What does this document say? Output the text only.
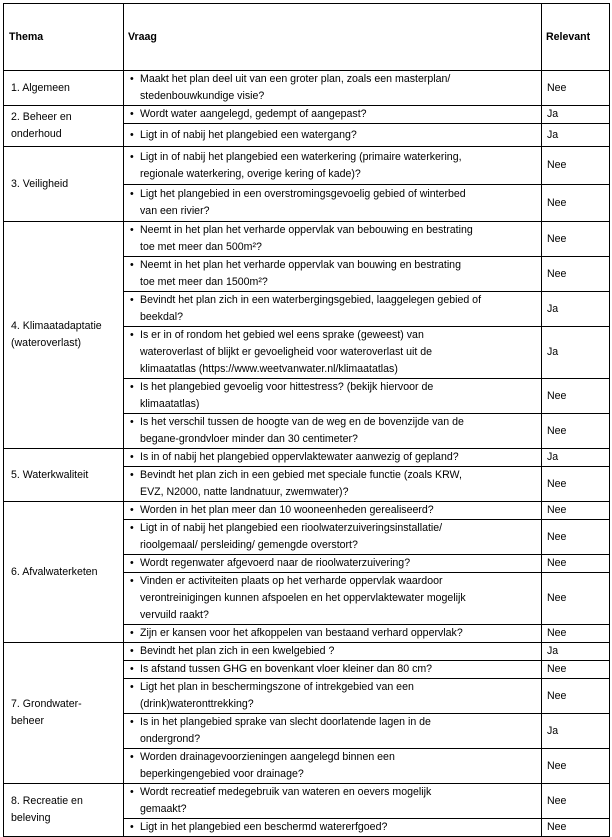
Thema	Vraag	Relevant
1. Algemeen	• Maakt het plan deel uit van een groter plan, zoals een masterplan/
stedenbouwkundige visie?	Nee
2. Beheer en
onderhoud	• Wordt water aangelegd, gedempt of aangepast?	Ja

	• Ligt in of nabij het plangebied een watergang?	Ja
3. Veiligheid	• Ligt in of nabij het plangebied een waterkering (primaire waterkering,
regionale waterkering, overige kering of kade)?	Nee

	• Ligt het plangebied in een overstromingsgevoelig gebied of winterbed
van een rivier?	Nee
4. Klimaatadaptatie
(wateroverlast)	• Neemt in het plan het verharde oppervlak van bebouwing en bestrating
toe met meer dan 500m²?	Nee

	• Neemt in het plan het verharde oppervlak van bouwing en bestrating
toe met meer dan 1500m²?	Nee

	• Bevindt het plan zich in een waterbergingsgebied, laaggelegen gebied of
beekdal?	Ja

	• Is er in of rondom het gebied wel eens sprake (geweest) van
wateroverlast of blijkt er gevoeligheid voor wateroverlast uit de
klimaatatlas (https://www.weetvanwater.nl/klimaatatlas)	Ja

	• Is het plangebied gevoelig voor hittestress? (bekijk hiervoor de
klimaatatlas)	Nee

	• Is het verschil tussen de hoogte van de weg en de bovenzijde van de
begane-grondvloer minder dan 30 centimeter?	Nee
5. Waterkwaliteit	• Is in of nabij het plangebied oppervlaktewater aanwezig of gepland?	Ja

	• Bevindt het plan zich in een gebied met speciale functie (zoals KRW,
EVZ, N2000, natte landnatuur, zwemwater)?	Nee
6. Afvalwaterketen	• Worden in het plan meer dan 10 wooneenheden gerealiseerd?	Nee

	• Ligt in of nabij het plangebied een rioolwaterzuiveringsinstallatie/
rioolgemaal/ persleiding/ gemengde overstort?	Nee

	• Wordt regenwater afgevoerd naar de rioolwaterzuivering?	Nee

	• Vinden er activiteiten plaats op het verharde oppervlak waardoor
verontreinigingen kunnen afspoelen en het oppervlaktewater mogelijk
vervuild raakt?	Nee

	• Zijn er kansen voor het afkoppelen van bestaand verhard oppervlak?	Nee
7. Grondwater-
beheer	• Bevindt het plan zich in een kwelgebied ?	Ja

	• Is afstand tussen GHG en bovenkant vloer kleiner dan 80 cm?	Nee

	• Ligt het plan in beschermingszone of intrekgebied van een
(drink)wateronttrekking?	Nee

	• Is in het plangebied sprake van slecht doorlatende lagen in de
ondergrond?	Ja

	• Worden drainagevoorzieningen aangelegd binnen een
beperkingengebied voor drainage?	Nee
8. Recreatie en
beleving	• Wordt recreatief medegebruik van wateren en oevers mogelijk
gemaakt?	Nee

	• Ligt in het plangebied een beschermd watererfgoed?	Nee
